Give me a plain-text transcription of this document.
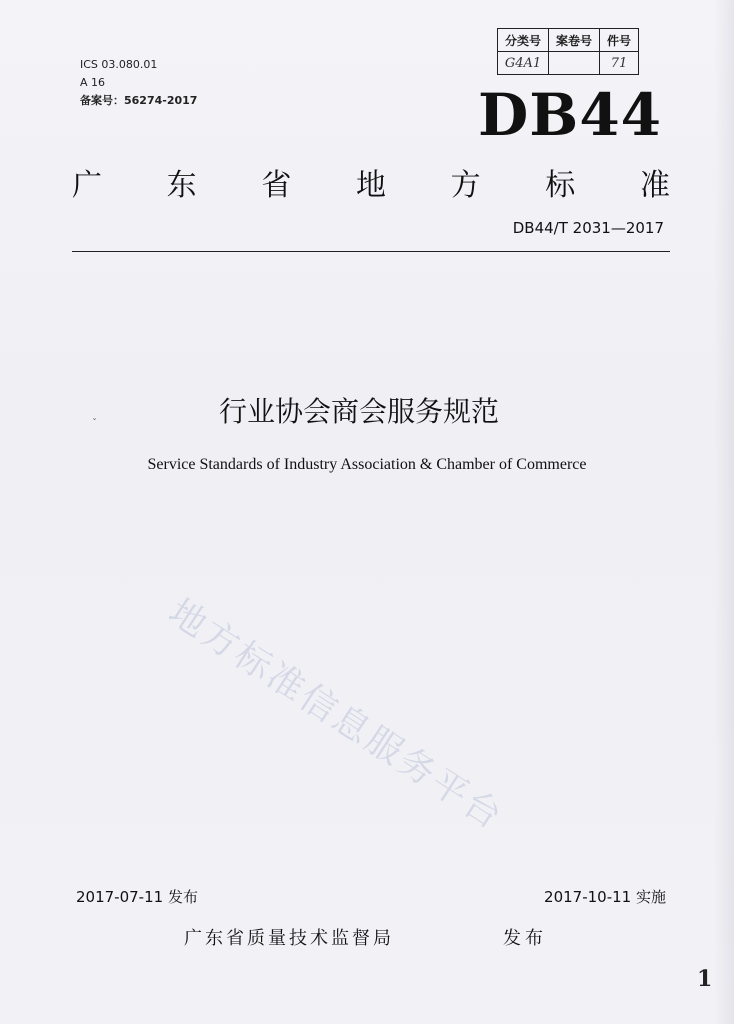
ICS 03.080.01
A 16
备案号：56274-2017
分类号	案卷号	件号
G4A1		71
DB44
广 东 省 地 方 标 准
DB44/T 2031—2017
ˇ	行业协会商会服务规范
Service Standards of Industry Association & Chamber of Commerce
地方标准信息服务平台
2017-07-11 发布	2017-10-11 实施
广东省质量技术监督局	发布
1
